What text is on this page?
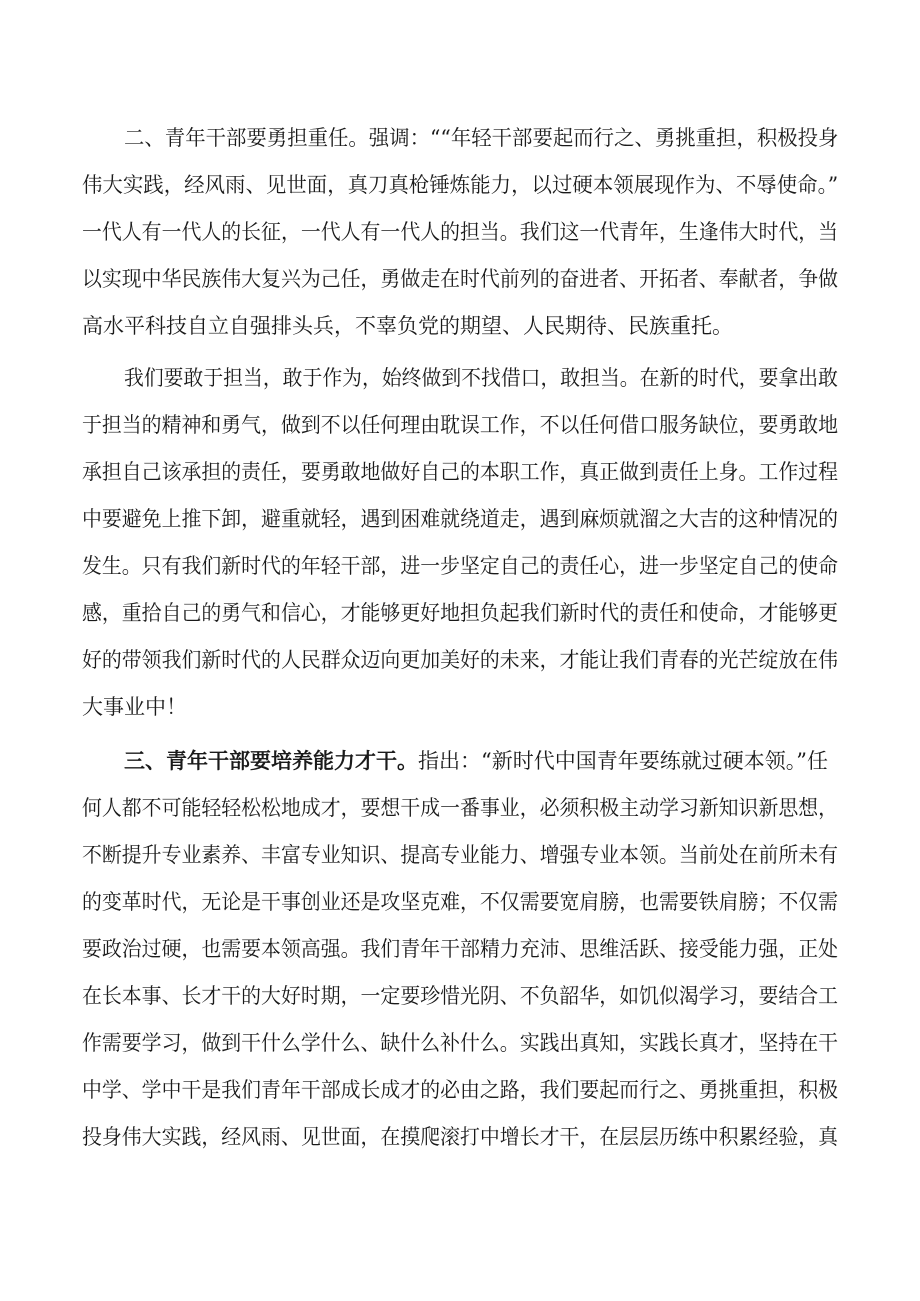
二、青年干部要勇担重任。强调：““年轻干部要起而行之、勇挑重担，积极投身
伟大实践，经风雨、见世面，真刀真枪锤炼能力，以过硬本领展现作为、不辱使命。”
一代人有一代人的长征，一代人有一代人的担当。我们这一代青年，生逢伟大时代，当
以实现中华民族伟大复兴为己任，勇做走在时代前列的奋进者、开拓者、奉献者，争做
高水平科技自立自强排头兵，不辜负党的期望、人民期待、民族重托。
我们要敢于担当，敢于作为，始终做到不找借口，敢担当。在新的时代，要拿出敢
于担当的精神和勇气，做到不以任何理由耽误工作，不以任何借口服务缺位，要勇敢地
承担自己该承担的责任，要勇敢地做好自己的本职工作，真正做到责任上身。工作过程
中要避免上推下卸，避重就轻，遇到困难就绕道走，遇到麻烦就溜之大吉的这种情况的
发生。只有我们新时代的年轻干部，进一步坚定自己的责任心，进一步坚定自己的使命
感，重拾自己的勇气和信心，才能够更好地担负起我们新时代的责任和使命，才能够更
好的带领我们新时代的人民群众迈向更加美好的未来，才能让我们青春的光芒绽放在伟
大事业中！
三、青年干部要培养能力才干。指出：“新时代中国青年要练就过硬本领。”任
何人都不可能轻轻松松地成才，要想干成一番事业，必须积极主动学习新知识新思想，
不断提升专业素养、丰富专业知识、提高专业能力、增强专业本领。当前处在前所未有
的变革时代，无论是干事创业还是攻坚克难，不仅需要宽肩膀，也需要铁肩膀；不仅需
要政治过硬，也需要本领高强。我们青年干部精力充沛、思维活跃、接受能力强，正处
在长本事、长才干的大好时期，一定要珍惜光阴、不负韶华，如饥似渴学习，要结合工
作需要学习，做到干什么学什么、缺什么补什么。实践出真知，实践长真才，坚持在干
中学、学中干是我们青年干部成长成才的必由之路，我们要起而行之、勇挑重担，积极
投身伟大实践，经风雨、见世面，在摸爬滚打中增长才干，在层层历练中积累经验，真
